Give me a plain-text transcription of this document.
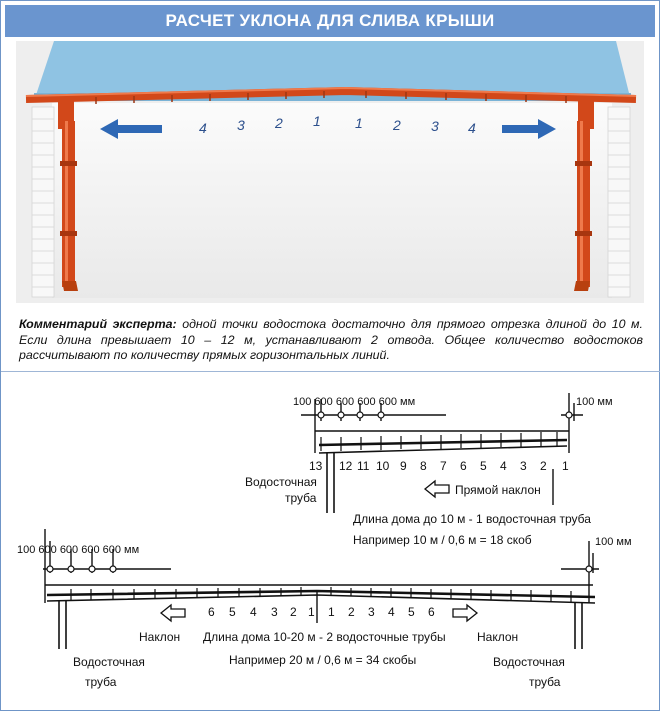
РАСЧЕТ УКЛОНА ДЛЯ СЛИВА КРЫШИ
4 3 2 1 1 2 3 4
Комментарий эксперта: одной точки водостока достаточно для прямого отрезка длиной до 10 м. Если длина превышает 10 – 12 м, устанавливают 2 отвода. Общее количество водостоков рассчитывают по количеству прямых горизонтальных линий.
100 600 600 600 600 мм	100 мм
100 600 600 600 600 мм
100 мм
13 12 11 10 9 8 7 6 5 4 3 2 1
Водосточная
труба
Прямой наклон
Длина дома до 10 м - 1 водосточная труба
Например 10 м / 0,6 м = 18 скоб
6 5 4 3 2 1 1 2 3 4 5 6
Наклон	Наклон
Длина дома 10-20 м - 2 водосточные трубы
Например 20 м / 0,6 м = 34 скобы
Водосточная
труба
Водосточная
труба
